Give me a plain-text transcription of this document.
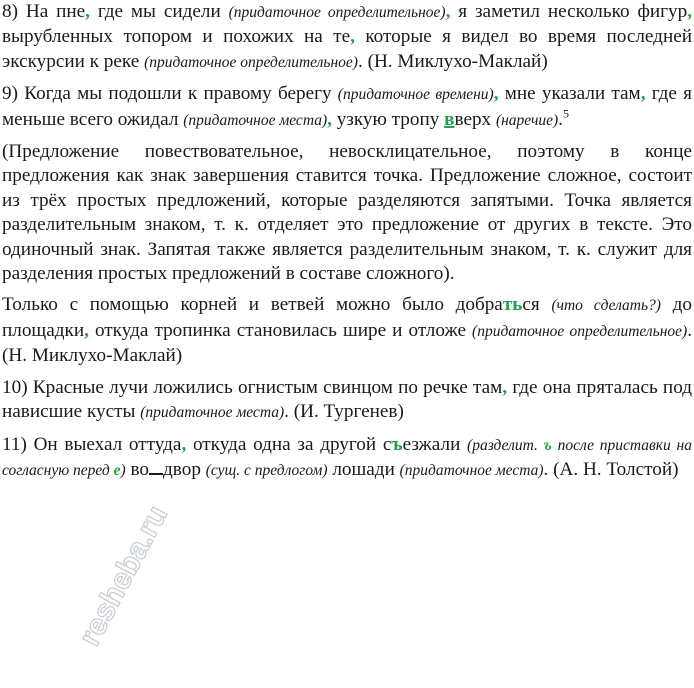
8) На пне, где мы сидели (придаточное определительное), я заметил несколько фигур, вырубленных топором и похожих на те, которые я видел во время последней экскурсии к реке (придаточное определительное). (Н. Миклухо-Маклай)

9) Когда мы подошли к правому берегу (придаточное времени), мне указали там, где я меньше всего ожидал (придаточное места), узкую тропу вверх (наречие).$^5$

(Предложение повествовательное, невосклицательное, поэтому в конце предложения как знак завершения ставится точка. Предложение сложное, состоит из трёх простых предложений, которые разделяются запятыми. Точка является разделительным знаком, т. к. отделяет это предложение от других в тексте. Это одиночный знак. Запятая также является разделительным знаком, т. к. служит для разделения простых предложений в составе сложного).

Только с помощью корней и ветвей можно было добраться (что сделать?) до площадки, откуда тропинка становилась шире и отложе (придаточное определительное). (Н. Миклухо-Маклай)

10) Красные лучи ложились огнистым свинцом по речке там, где она пряталась под нависшие кусты (придаточное места). (И. Тургенев)

11) Он выехал оттуда, откуда одна за другой съезжали (разделит. ъ после приставки на согласную перед е) во двор (сущ. с предлогом) лошади (придаточное места). (А. Н. Толстой)

resheba.ru
